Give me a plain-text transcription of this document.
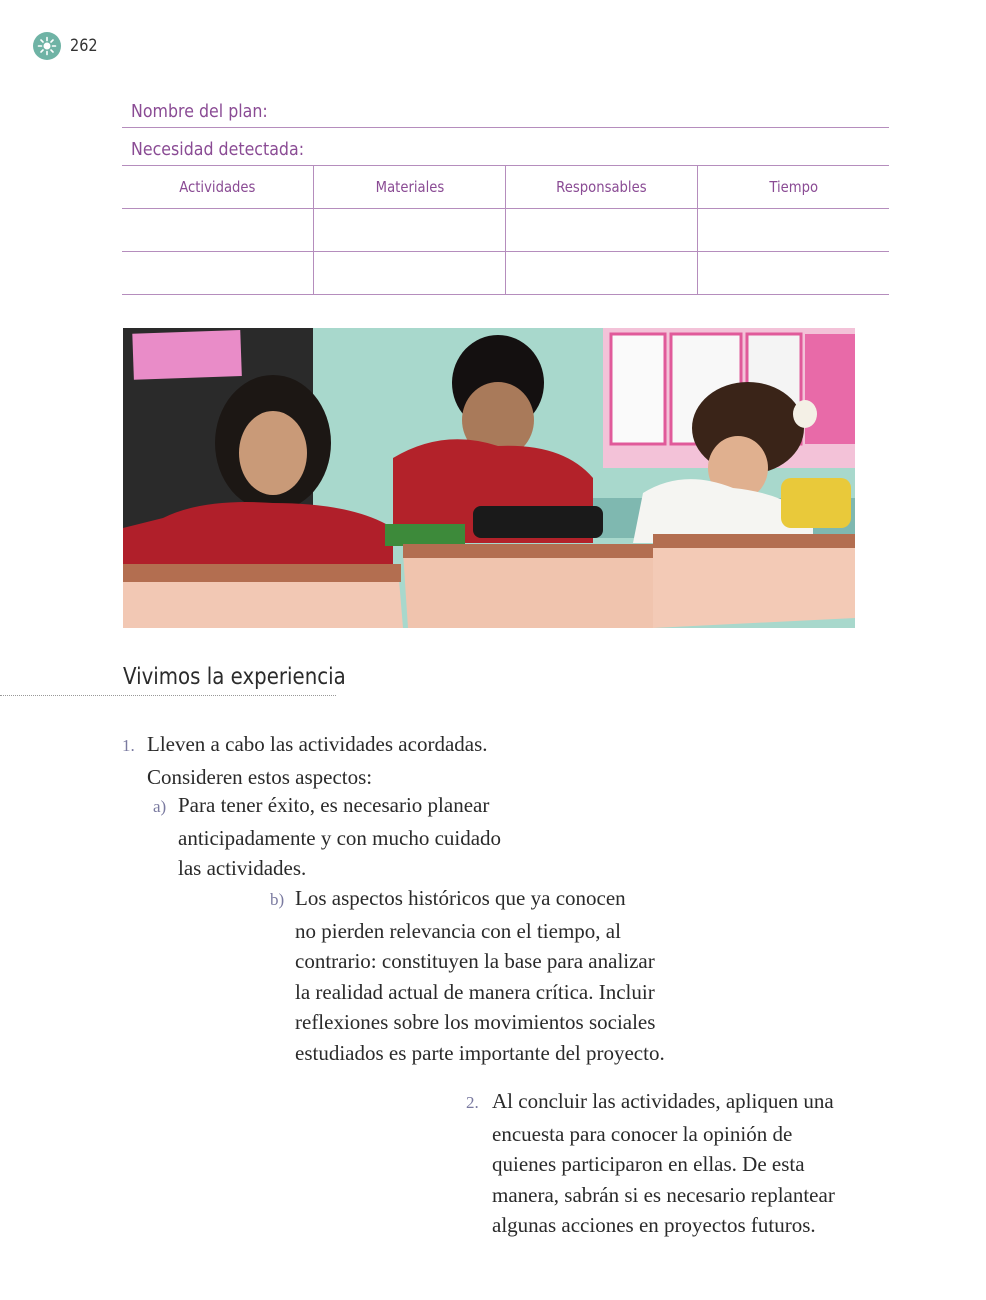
262
Nombre del plan:
Necesidad detectada:
Actividades	Materiales	Responsables	Tiempo

Vivimos la experiencia
1. Lleven a cabo las actividades acordadas.
Consideren estos aspectos:
a) Para tener éxito, es necesario planear
anticipadamente y con mucho cuidado
las actividades.
b) Los aspectos históricos que ya conocen
no pierden relevancia con el tiempo, al
contrario: constituyen la base para analizar
la realidad actual de manera crítica. Incluir
reflexiones sobre los movimientos sociales
estudiados es parte importante del proyecto.
2. Al concluir las actividades, apliquen una
encuesta para conocer la opinión de
quienes participaron en ellas. De esta
manera, sabrán si es necesario replantear
algunas acciones en proyectos futuros.
